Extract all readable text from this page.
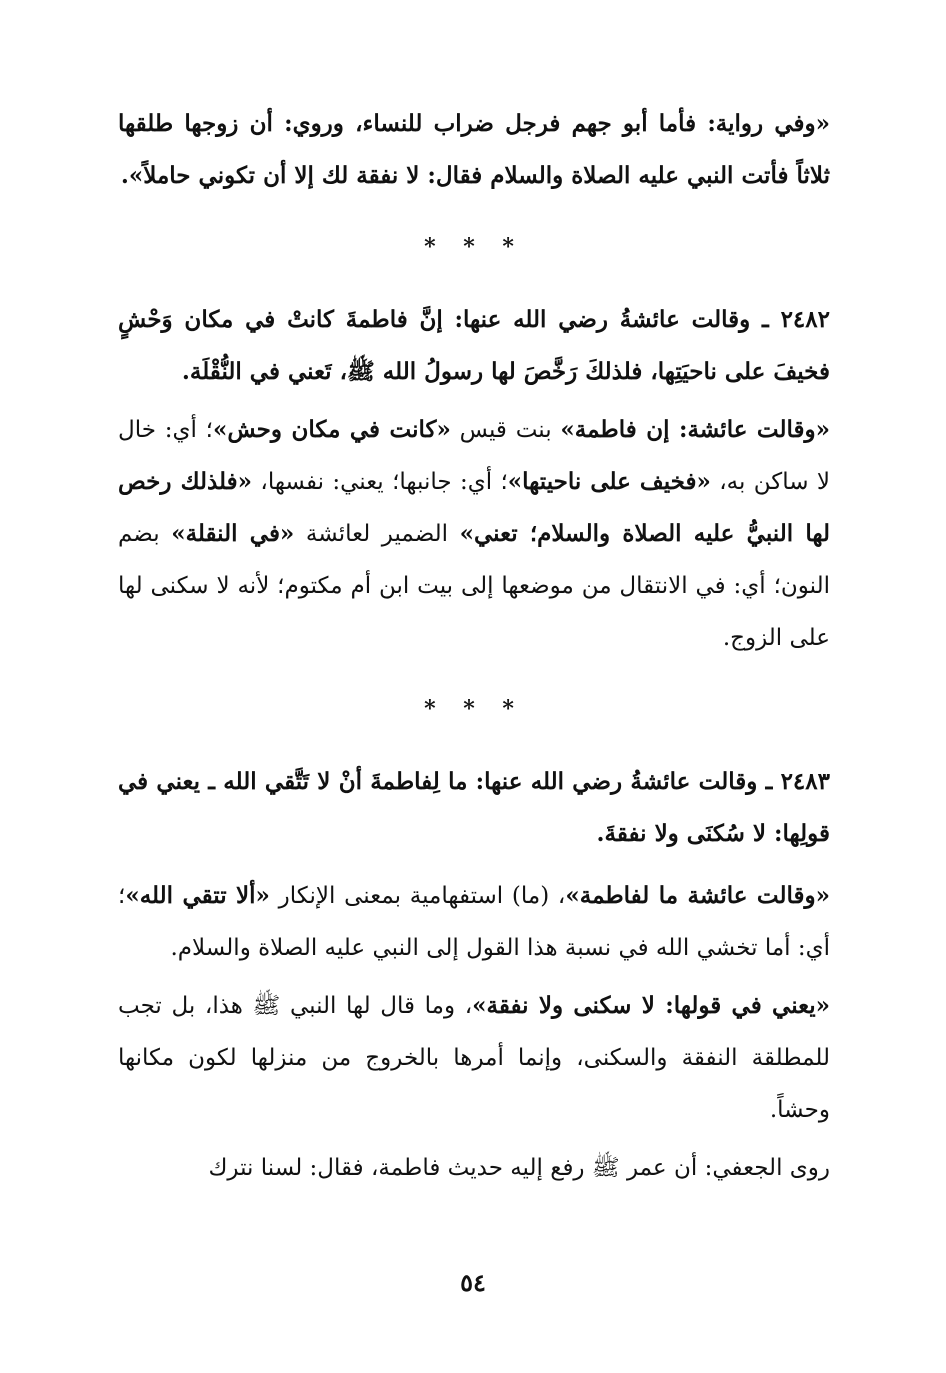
«وفي رواية: فأما أبو جهم فرجل ضراب للنساء، وروي: أن زوجها طلقها ثلاثاً فأتت النبي عليه الصلاة والسلام فقال: لا نفقة لك إلا أن تكوني حاملاً».

* * *

٢٤٨٢ ـ وقالت عائشةُ رضي الله عنها: إنَّ فاطمةَ كانتْ في مكان وَحْشٍ فخيفَ على ناحيَتِها، فلذلكَ رَخَّصَ لها رسولُ الله ﷺ، تَعني في النُّقْلَة.

«وقالت عائشة: إن فاطمة» بنت قيس «كانت في مكان وحش»؛ أي: خال لا ساكن به، «فخيف على ناحيتها»؛ أي: جانبها؛ يعني: نفسها، «فلذلك رخص لها النبيُّ عليه الصلاة والسلام؛ تعني» الضمير لعائشة «في النقلة» بضم النون؛ أي: في الانتقال من موضعها إلى بيت ابن أم مكتوم؛ لأنه لا سكنى لها على الزوج.

* * *

٢٤٨٣ ـ وقالت عائشةُ رضي الله عنها: ما لِفاطمةَ أنْ لا تَتَّقي الله ـ يعني في قولِها: لا سُكنَى ولا نفقةَ.

«وقالت عائشة ما لفاطمة»، (ما) استفهامية بمعنى الإنكار «ألا تتقي الله»؛ أي: أما تخشي الله في نسبة هذا القول إلى النبي عليه الصلاة والسلام.

«يعني في قولها: لا سكنى ولا نفقة»، وما قال لها النبي ﷺ هذا، بل تجب للمطلقة النفقة والسكنى، وإنما أمرها بالخروج من منزلها لكون مكانها وحشاً.

روى الجعفي: أن عمر ﷺ رفع إليه حديث فاطمة، فقال: لسنا نترك

٥٤
